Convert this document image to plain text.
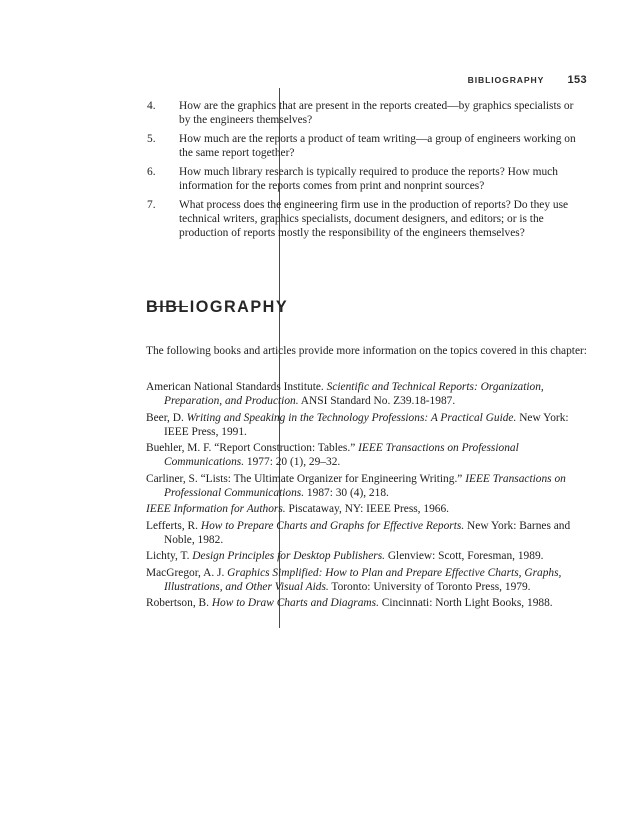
BIBLIOGRAPHY 153
4. How are the graphics that are present in the reports created—by graphics specialists or by the engineers themselves?
5. How much are the reports a product of team writing—a group of engineers working on the same report together?
6. How much library research is typically required to produce the reports? How much information for the reports comes from print and nonprint sources?
7. What process does the engineering firm use in the production of reports? Do they use technical writers, graphics specialists, document designers, and editors; or is the production of reports mostly the responsibility of the engineers themselves?
BIBLIOGRAPHY

The following books and articles provide more information on the topics covered in this chapter:

American National Standards Institute. Scientific and Technical Reports: Organization, Preparation, and Production. ANSI Standard No. Z39.18-1987.
Beer, D. Writing and Speaking in the Technology Professions: A Practical Guide. New York: IEEE Press, 1991.
Buehler, M. F. “Report Construction: Tables.” IEEE Transactions on Professional Communications. 1977: 20 (1), 29–32.
Carliner, S. “Lists: The Ultimate Organizer for Engineering Writing.” IEEE Transactions on Professional Communications. 1987: 30 (4), 218.
IEEE Information for Authors. Piscataway, NY: IEEE Press, 1966.
Lefferts, R. How to Prepare Charts and Graphs for Effective Reports. New York: Barnes and Noble, 1982.
Lichty, T. Design Principles for Desktop Publishers. Glenview: Scott, Foresman, 1989.
MacGregor, A. J. Graphics Simplified: How to Plan and Prepare Effective Charts, Graphs, Illustrations, and Other Visual Aids. Toronto: University of Toronto Press, 1979.
Robertson, B. How to Draw Charts and Diagrams. Cincinnati: North Light Books, 1988.
